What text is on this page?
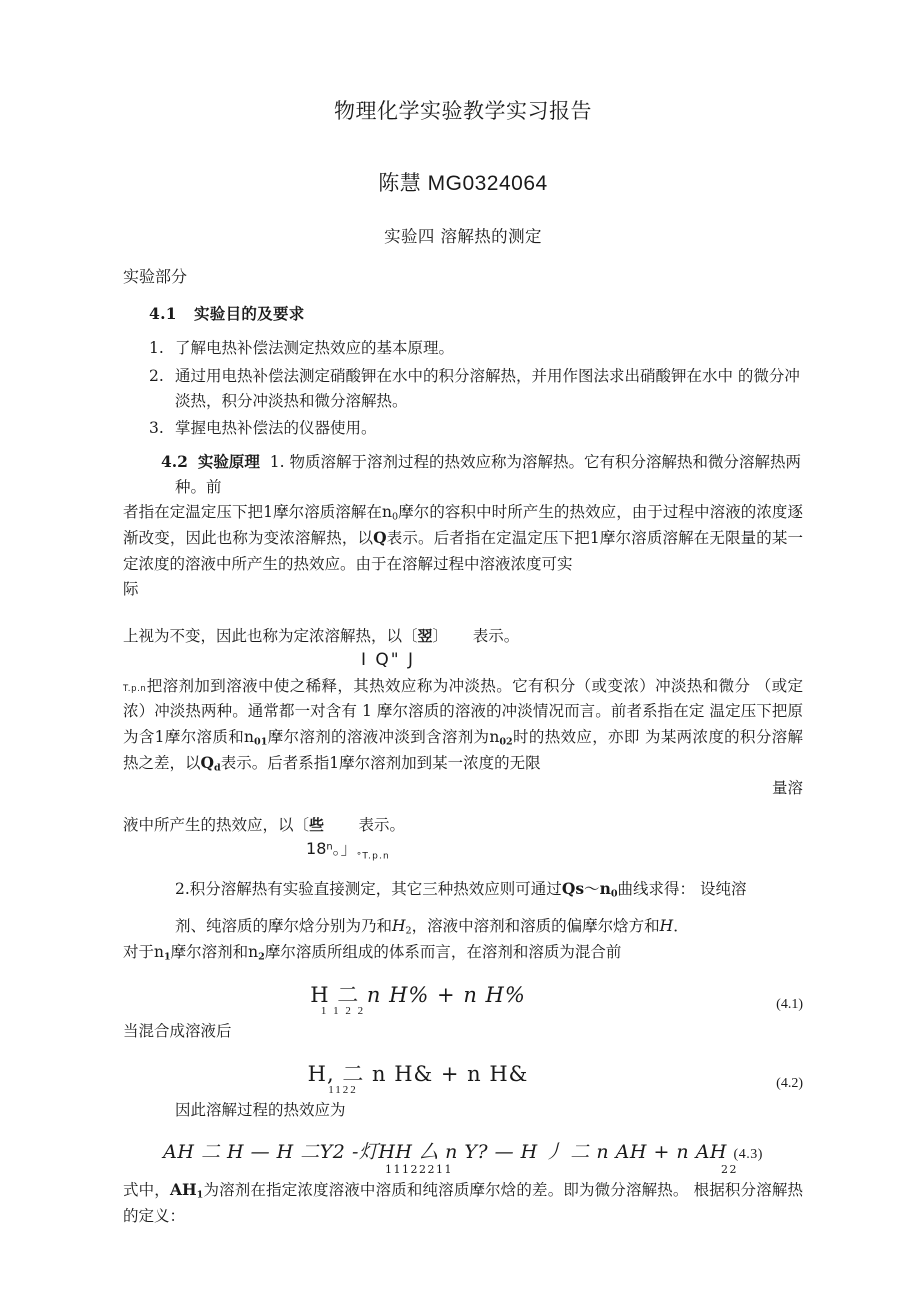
物理化学实验教学实习报告
陈慧 MG0324064
实验四 溶解热的测定
实验部分
4.1 实验目的及要求
1. 了解电热补偿法测定热效应的基本原理。
2. 通过用电热补偿法测定硝酸钾在水中的积分溶解热，并用作图法求出硝酸钾在水中 的微分冲淡热，积分冲淡热和微分溶解热。
3. 掌握电热补偿法的仪器使用。
4.2 实验原理 1. 物质溶解于溶剂过程的热效应称为溶解热。它有积分溶解热和微分溶解热两种。前
者指在定温定压下把1摩尔溶质溶解在$n_0$摩尔的容积中时所产生的热效应，由于过程中溶液的浓度逐渐改变，因此也称为变浓溶解热，以Q表示。后者指在定温定压下把1摩尔溶质溶解在无限量的某一定浓度的溶液中所产生的热效应。由于在溶解过程中溶液浓度可实
际
上视为不变，因此也称为定浓溶解热，以〔翌〕 表示。
I Q" J
T.p.n把溶剂加到溶液中使之稀释，其热效应称为冲淡热。它有积分（或变浓）冲淡热和微分 （或定浓）冲淡热两种。通常都一对含有 1 摩尔溶质的溶液的冲淡情况而言。前者系指在定 温定压下把原为含1摩尔溶质和$n_{01}$摩尔溶剂的溶液冲淡到含溶剂为$n_{02}$时的热效应，亦即 为某两浓度的积分溶解热之差，以$Q_d$表示。后者系指1摩尔溶剂加到某一浓度的无限
量溶
液中所产生的热效应，以〔些 表示。
18$^n$。」$_{^\circ T.p.n}$
2.积分溶解热有实验直接测定，其它三种热效应则可通过$Qs\sim n_0$曲线求得： 设纯溶
剂、纯溶质的摩尔焓分别为乃和$H_2$，溶液中溶剂和溶质的偏摩尔焓方和H．
对于$n_1$摩尔溶剂和$n_2$摩尔溶质所组成的体系而言，在溶剂和溶质为混合前
H 二 n H% + n H%
1 1 2 2	(4.1)
当混合成溶液后
H, 二 n H& + n H&
1122	(4.2)
因此溶解过程的热效应为
AH 二 H — H 二Y2 -灯HH 厶 n Y? — H 丿 二 n AH + n AH (4.3)
11122211	22
式中，$AH_1$为溶剂在指定浓度溶液中溶质和纯溶质摩尔焓的差。即为微分溶解热。 根据积分溶解热的定义：
